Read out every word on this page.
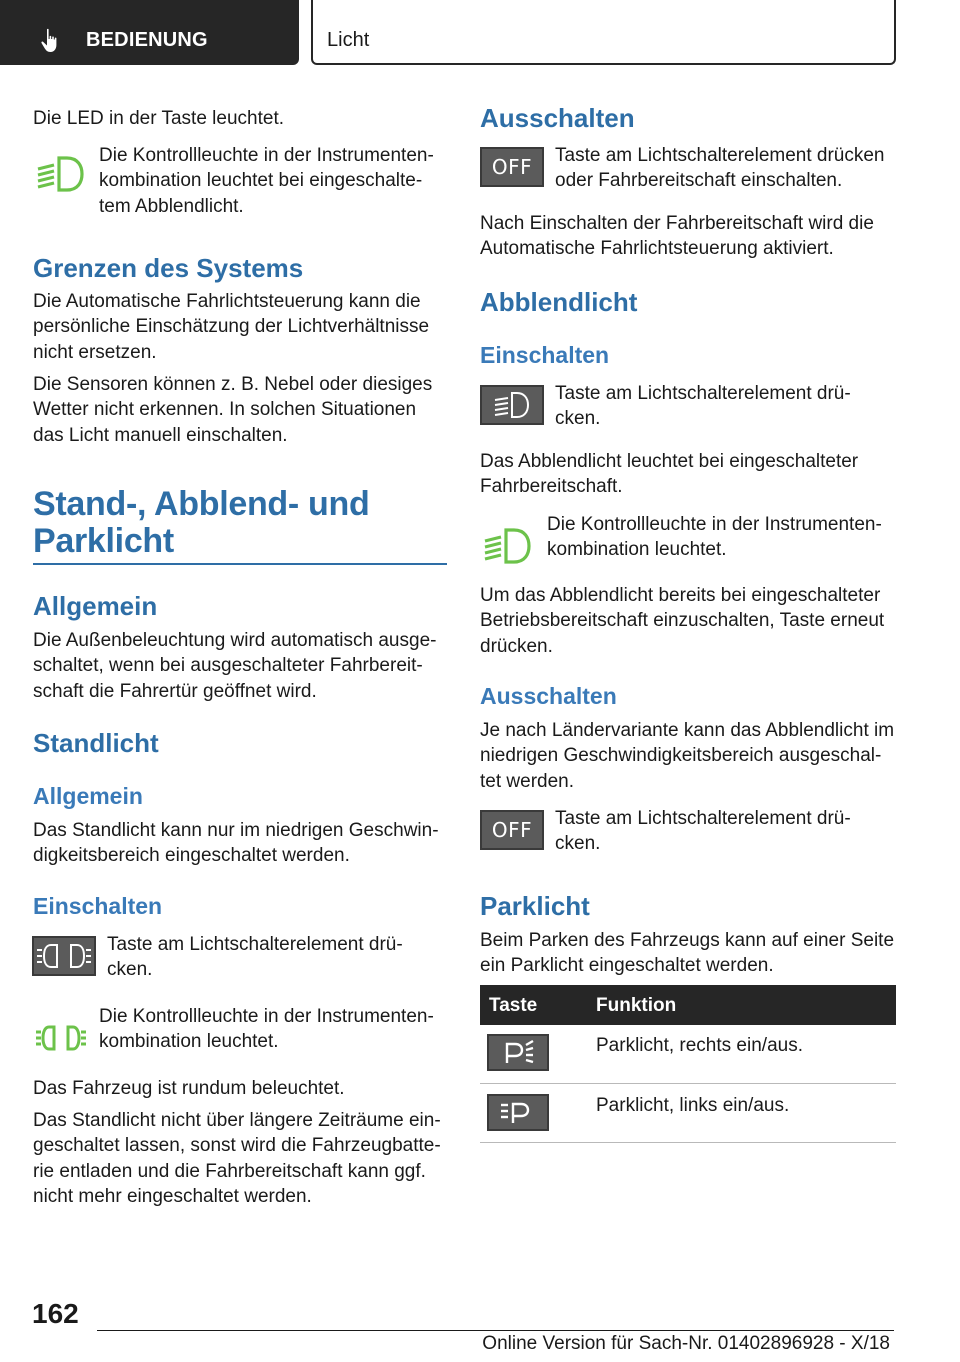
BEDIENUNG	Licht
Die LED in der Taste leuchtet.
Die Kontrollleuchte in der Instrumenten-
kombination leuchtet bei eingeschalte-
tem Abblendlicht.
Grenzen des Systems
Die Automatische Fahrlichtsteuerung kann die
persönliche Einschätzung der Lichtverhältnisse
nicht ersetzen.
Die Sensoren können z. B. Nebel oder diesiges
Wetter nicht erkennen. In solchen Situationen
das Licht manuell einschalten.
Stand-, Abblend- und
Parklicht
Allgemein
Die Außenbeleuchtung wird automatisch ausge-
schaltet, wenn bei ausgeschalteter Fahrbereit-
schaft die Fahrertür geöffnet wird.
Standlicht
Allgemein
Das Standlicht kann nur im niedrigen Geschwin-
digkeitsbereich eingeschaltet werden.
Einschalten
Taste am Lichtschalterelement drü-
cken.
Die Kontrollleuchte in der Instrumenten-
kombination leuchtet.
Das Fahrzeug ist rundum beleuchtet.
Das Standlicht nicht über längere Zeiträume ein-
geschaltet lassen, sonst wird die Fahrzeugbatte-
rie entladen und die Fahrbereitschaft kann ggf.
nicht mehr eingeschaltet werden.
Ausschalten
OFF Taste am Lichtschalterelement drücken
oder Fahrbereitschaft einschalten.
Nach Einschalten der Fahrbereitschaft wird die
Automatische Fahrlichtsteuerung aktiviert.
Abblendlicht
Einschalten
Taste am Lichtschalterelement drü-
cken.
Das Abblendlicht leuchtet bei eingeschalteter
Fahrbereitschaft.
Die Kontrollleuchte in der Instrumenten-
kombination leuchtet.
Um das Abblendlicht bereits bei eingeschalteter
Betriebsbereitschaft einzuschalten, Taste erneut
drücken.
Ausschalten
Je nach Ländervariante kann das Abblendlicht im
niedrigen Geschwindigkeitsbereich ausgeschal-
tet werden.
OFF Taste am Lichtschalterelement drü-
cken.
Parklicht
Beim Parken des Fahrzeugs kann auf einer Seite
ein Parklicht eingeschaltet werden.
Taste	Funktion
Parklicht, rechts ein/aus.
Parklicht, links ein/aus.
162
Online Version für Sach-Nr. 01402896928 - X/18
